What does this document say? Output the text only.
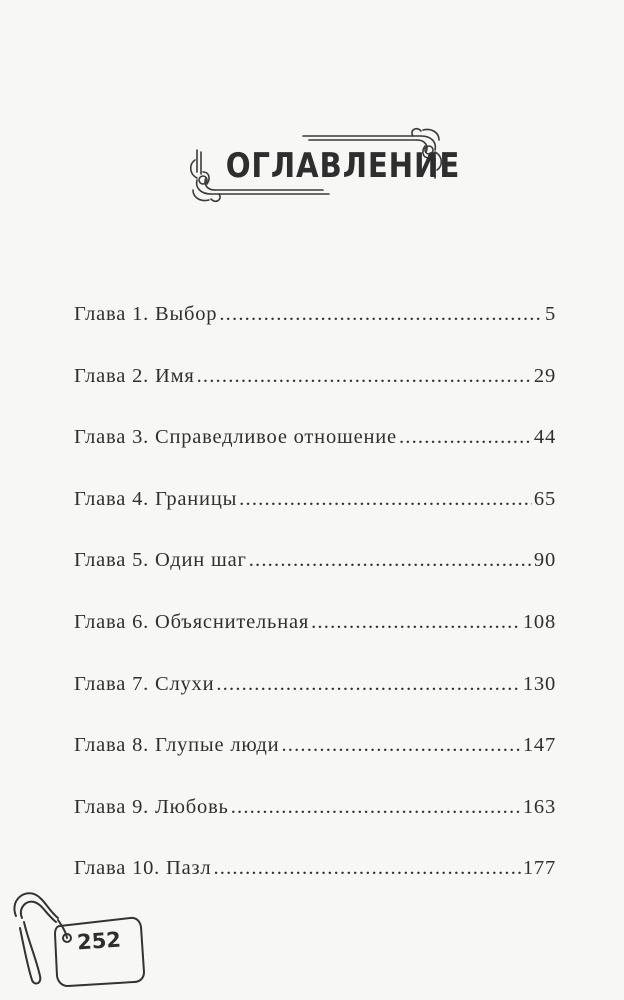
ОГЛАВЛЕНИЕ
Глава 1. Выбор .....	5
Глава 2. Имя .....	29
Глава 3. Справедливое отношение .....	44
Глава 4. Границы .....	65
Глава 5. Один шаг .....	90
Глава 6. Объяснительная .....	108
Глава 7. Слухи .....	130
Глава 8. Глупые люди .....	147
Глава 9. Любовь .....	163
Глава 10. Пазл .....	177
252
